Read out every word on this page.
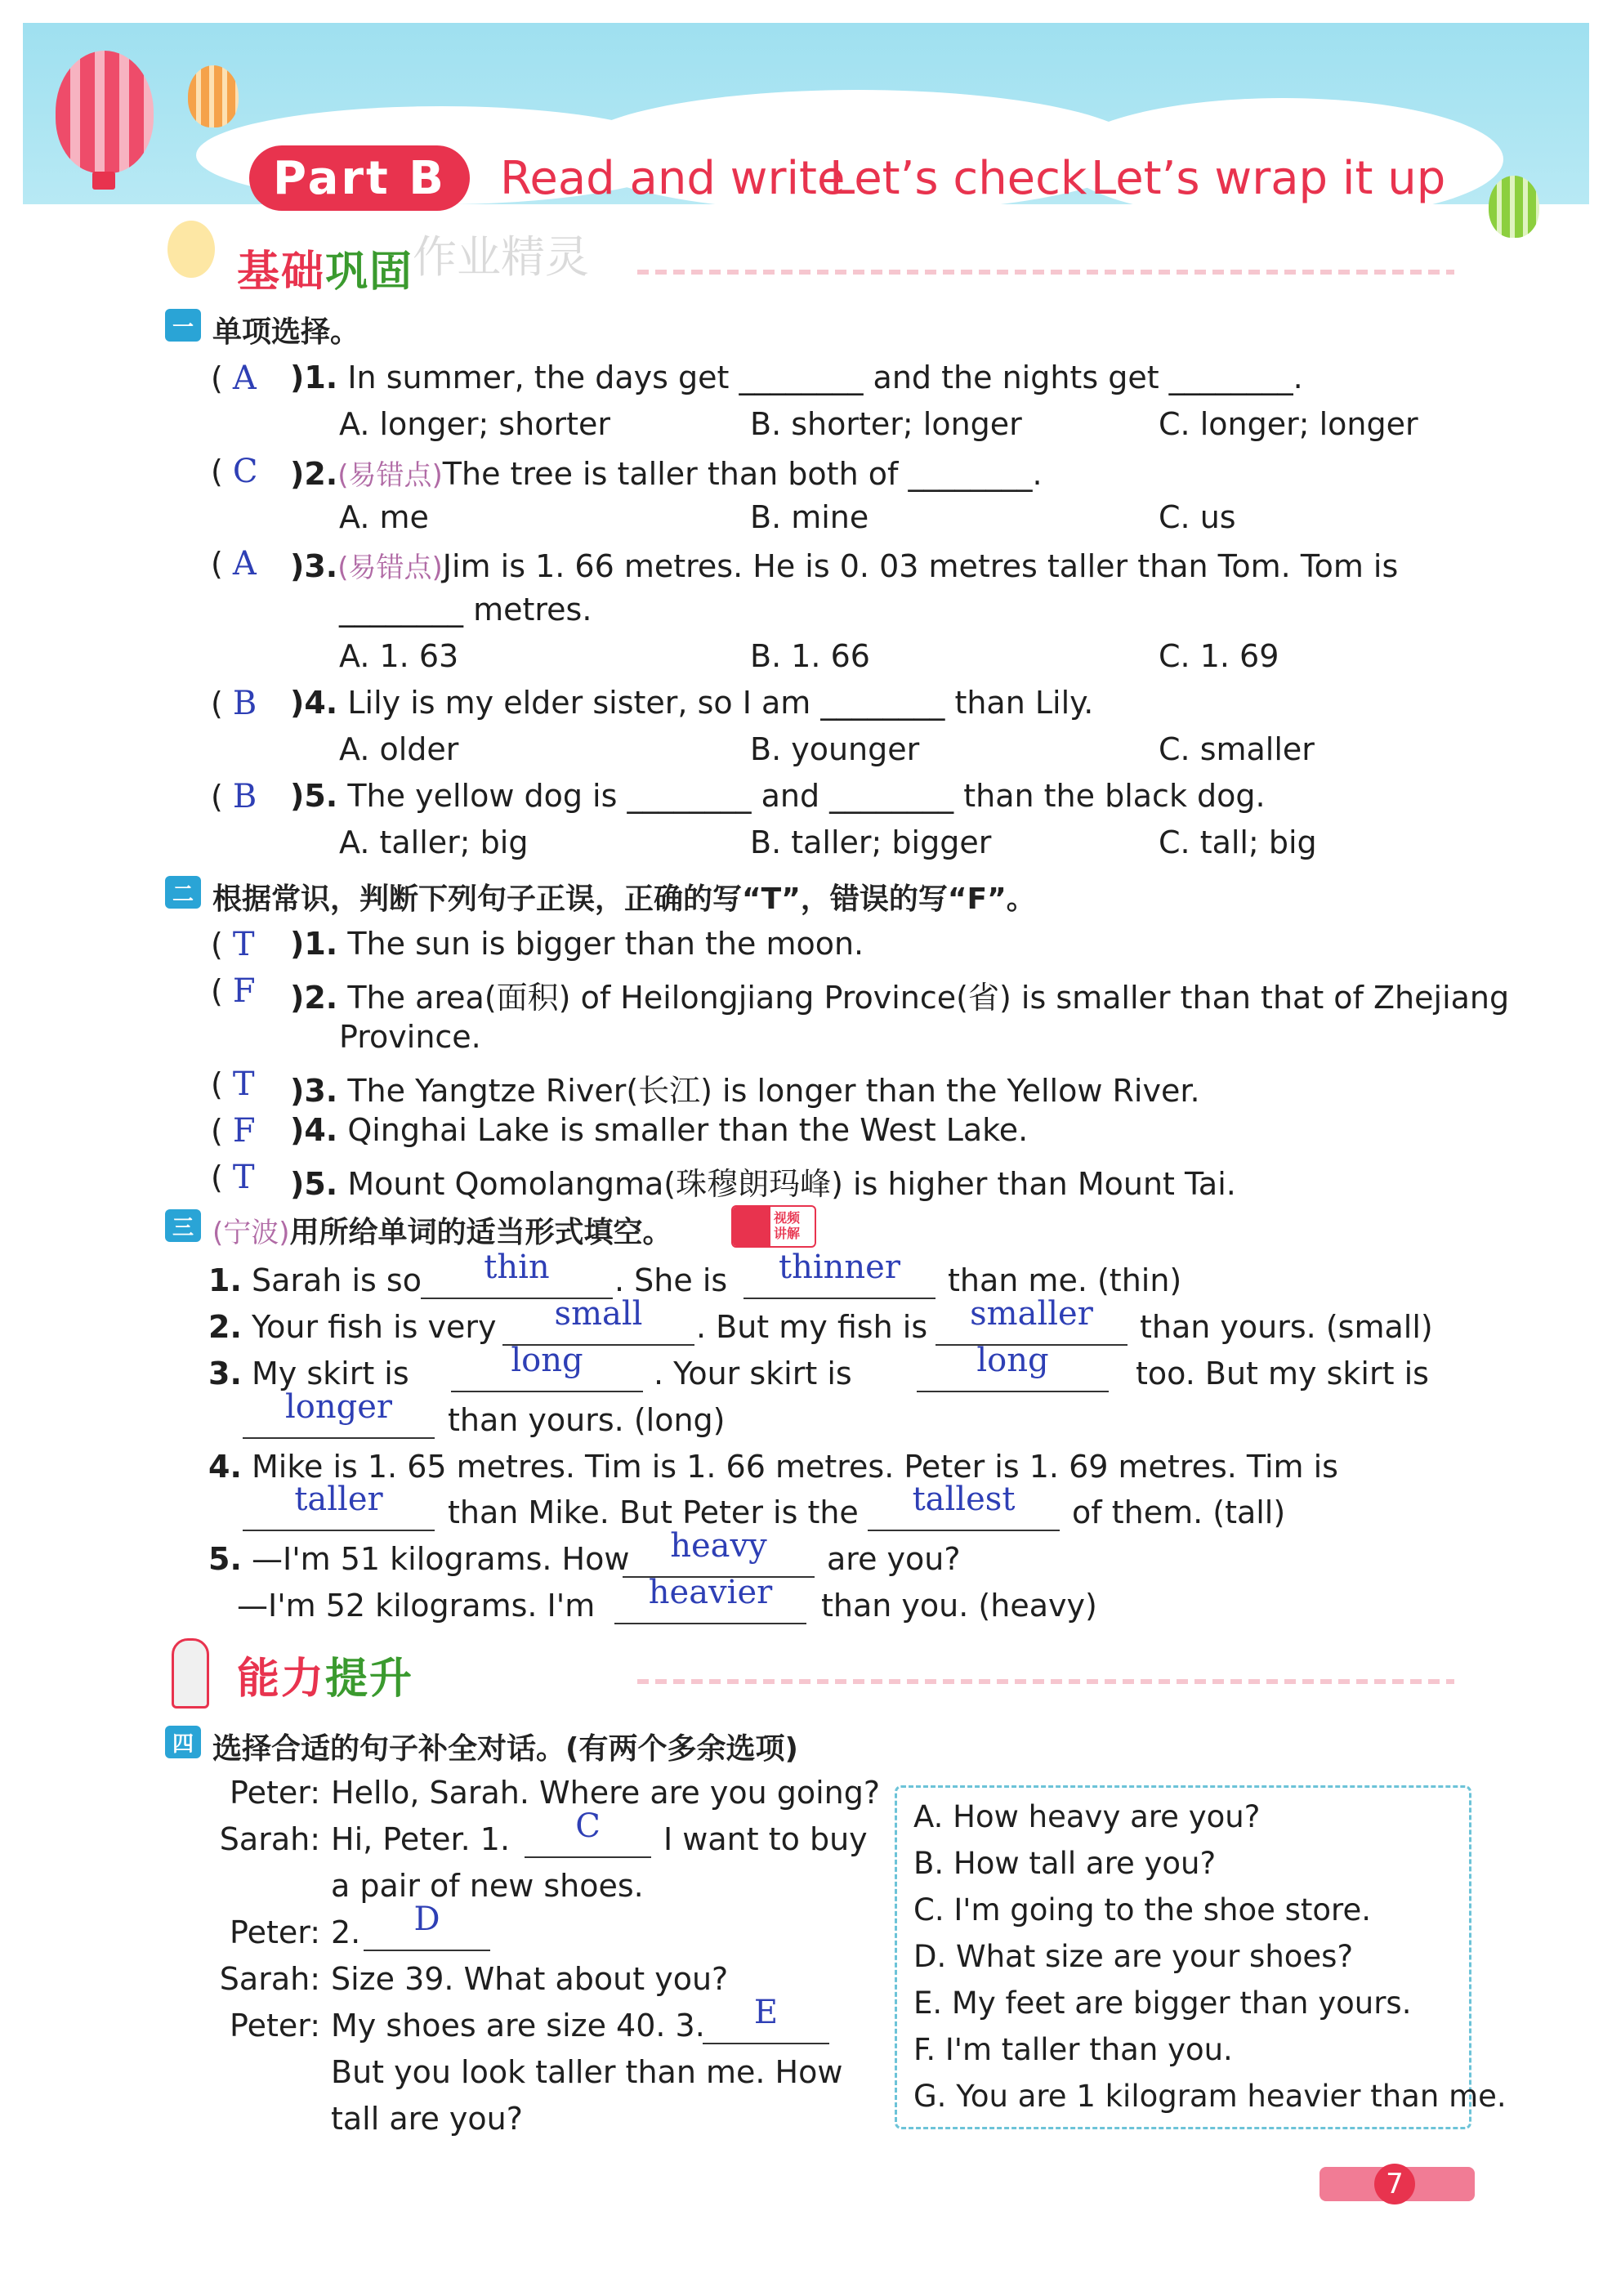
Part B	Read and write
Let’s check Let’s wrap it up
基础巩固
作业精灵
一 单项选择。
( A )1. In summer, the days get ________ and the nights get ________.
A. longer; shorter	B. shorter; longer	C. longer; longer
( C )2.(易错点)The tree is taller than both of ________.
A. me	B. mine	C. us
( A )3.(易错点)Jim is 1. 66 metres. He is 0. 03 metres taller than Tom. Tom is
________ metres.
A. 1. 63	B. 1. 66	C. 1. 69
( B )4. Lily is my elder sister, so I am ________ than Lily.
A. older	B. younger	C. smaller
( B )5. The yellow dog is ________ and ________ than the black dog.
A. taller; big	B. taller; bigger	C. tall; big
二 根据常识，判断下列句子正误，正确的写“T”，错误的写“F”。
( T )1. The sun is bigger than the moon.
( F )2. The area(面积) of Heilongjiang Province(省) is smaller than that of Zhejiang
Province.
( T )3. The Yangtze River(长江) is longer than the Yellow River.
( F )4. Qinghai Lake is smaller than the West Lake.
( T )5. Mount Qomolangma(珠穆朗玛峰) is higher than Mount Tai.
三 (宁波)用所给单词的适当形式填空。	视频
讲解
1. Sarah is so	thin	. She is	thinner	than me. (thin)
2. Your fish is very	small	. But my fish is	smaller	than yours. (small)
3. My skirt is	long	. Your skirt is	long	too. But my skirt is
longer	than yours. (long)
4. Mike is 1. 65 metres. Tim is 1. 66 metres. Peter is 1. 69 metres. Tim is
taller	than Mike. But Peter is the	tallest	of them. (tall)
5. —I'm 51 kilograms. How	heavy	are you?
—I'm 52 kilograms. I'm	heavier	than you. (heavy)
能力提升
四 选择合适的句子补全对话。(有两个多余选项)
Peter: Hello, Sarah. Where are you going?
Sarah: Hi, Peter. 1.	C	I want to buy
a pair of new shoes.
Peter: 2.	D
Sarah: Size 39. What about you?
Peter: My shoes are size 40. 3.	E
But you look taller than me. How
tall are you?
A. How heavy are you?
B. How tall are you?
C. I'm going to the shoe store.
D. What size are your shoes?
E. My feet are bigger than yours.
F. I'm taller than you.
G. You are 1 kilogram heavier than me.
7
